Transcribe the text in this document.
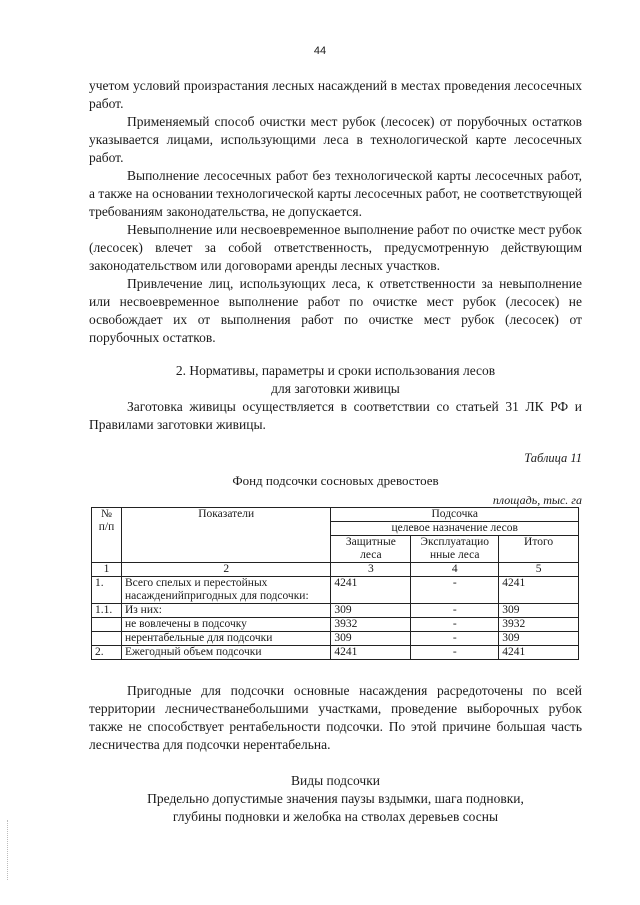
44

учетом условий произрастания лесных насаждений в местах проведения лесосечных работ.

Применяемый способ очистки мест рубок (лесосек) от порубочных остатков указывается лицами, использующими леса в технологической карте лесосечных работ.

Выполнение лесосечных работ без технологической карты лесосечных работ, а также на основании технологической карты лесосечных работ, не соответствующей требованиям законодательства, не допускается.

Невыполнение или несвоевременное выполнение работ по очистке мест рубок (лесосек) влечет за собой ответственность, предусмотренную действующим законодательством или договорами аренды лесных участков.

Привлечение лиц, использующих леса, к ответственности за невыполнение или несвоевременное выполнение работ по очистке мест рубок (лесосек) не освобождает их от выполнения работ по очистке мест рубок (лесосек) от порубочных остатков.

2. Нормативы, параметры и сроки использования лесов
для заготовки живицы

Заготовка живицы осуществляется в соответствии со статьей 31 ЛК РФ и Правилами заготовки живицы.

Таблица 11
Фонд подсочки сосновых древостоев
площадь, тыс. га
№ п/п	Показатели	Подсочка		
		целевое назначение лесов		
		Защитные леса	Эксплуатацио нные леса	Итого
1	2	3	4	5
1.	Всего спелых и перестойных насажденийпригодных для подсочки:	4241	-	4241
1.1.	Из них:	309	-	309
	не вовлечены в подсочку	3932	-	3932
	нерентабельные для подсочки	309	-	309
2.	Ежегодный объем подсочки	4241	-	4241

Пригодные для подсочки основные насаждения расредоточены по всей территории лесничестванебольшими участками, проведение выборочных рубок также не способствует рентабельности подсочки. По этой причине большая часть лесничества для подсочки нерентабельна.

Виды подсочки
Предельно допустимые значения паузы вздымки, шага подновки,
глубины подновки и желобка на стволах деревьев сосны
